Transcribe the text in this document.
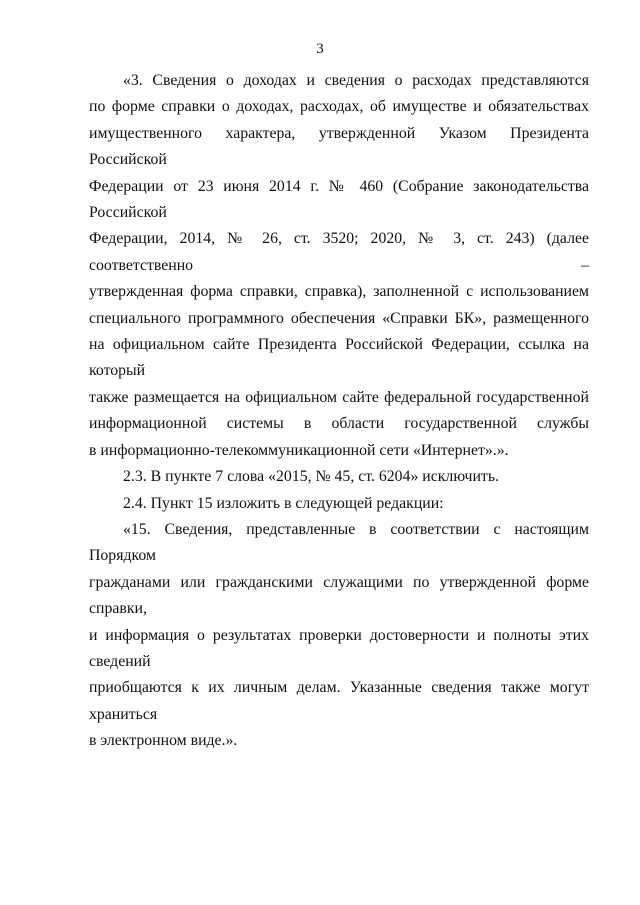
3

«3. Сведения о доходах и сведения о расходах представляются
по форме справки о доходах, расходах, об имуществе и обязательствах
имущественного характера, утвержденной Указом Президента Российской
Федерации от 23 июня 2014 г. № 460 (Собрание законодательства Российской
Федерации, 2014, № 26, ст. 3520; 2020, № 3, ст. 243) (далее соответственно –
утвержденная форма справки, справка), заполненной с использованием
специального программного обеспечения «Справки БК», размещенного
на официальном сайте Президента Российской Федерации, ссылка на который
также размещается на официальном сайте федеральной государственной
информационной системы в области государственной службы
в информационно-телекоммуникационной сети «Интернет».».

2.3. В пункте 7 слова «2015, № 45, ст. 6204» исключить.

2.4. Пункт 15 изложить в следующей редакции:

«15. Сведения, представленные в соответствии с настоящим Порядком
гражданами или гражданскими служащими по утвержденной форме справки,
и информация о результатах проверки достоверности и полноты этих сведений
приобщаются к их личным делам. Указанные сведения также могут храниться
в электронном виде.».
